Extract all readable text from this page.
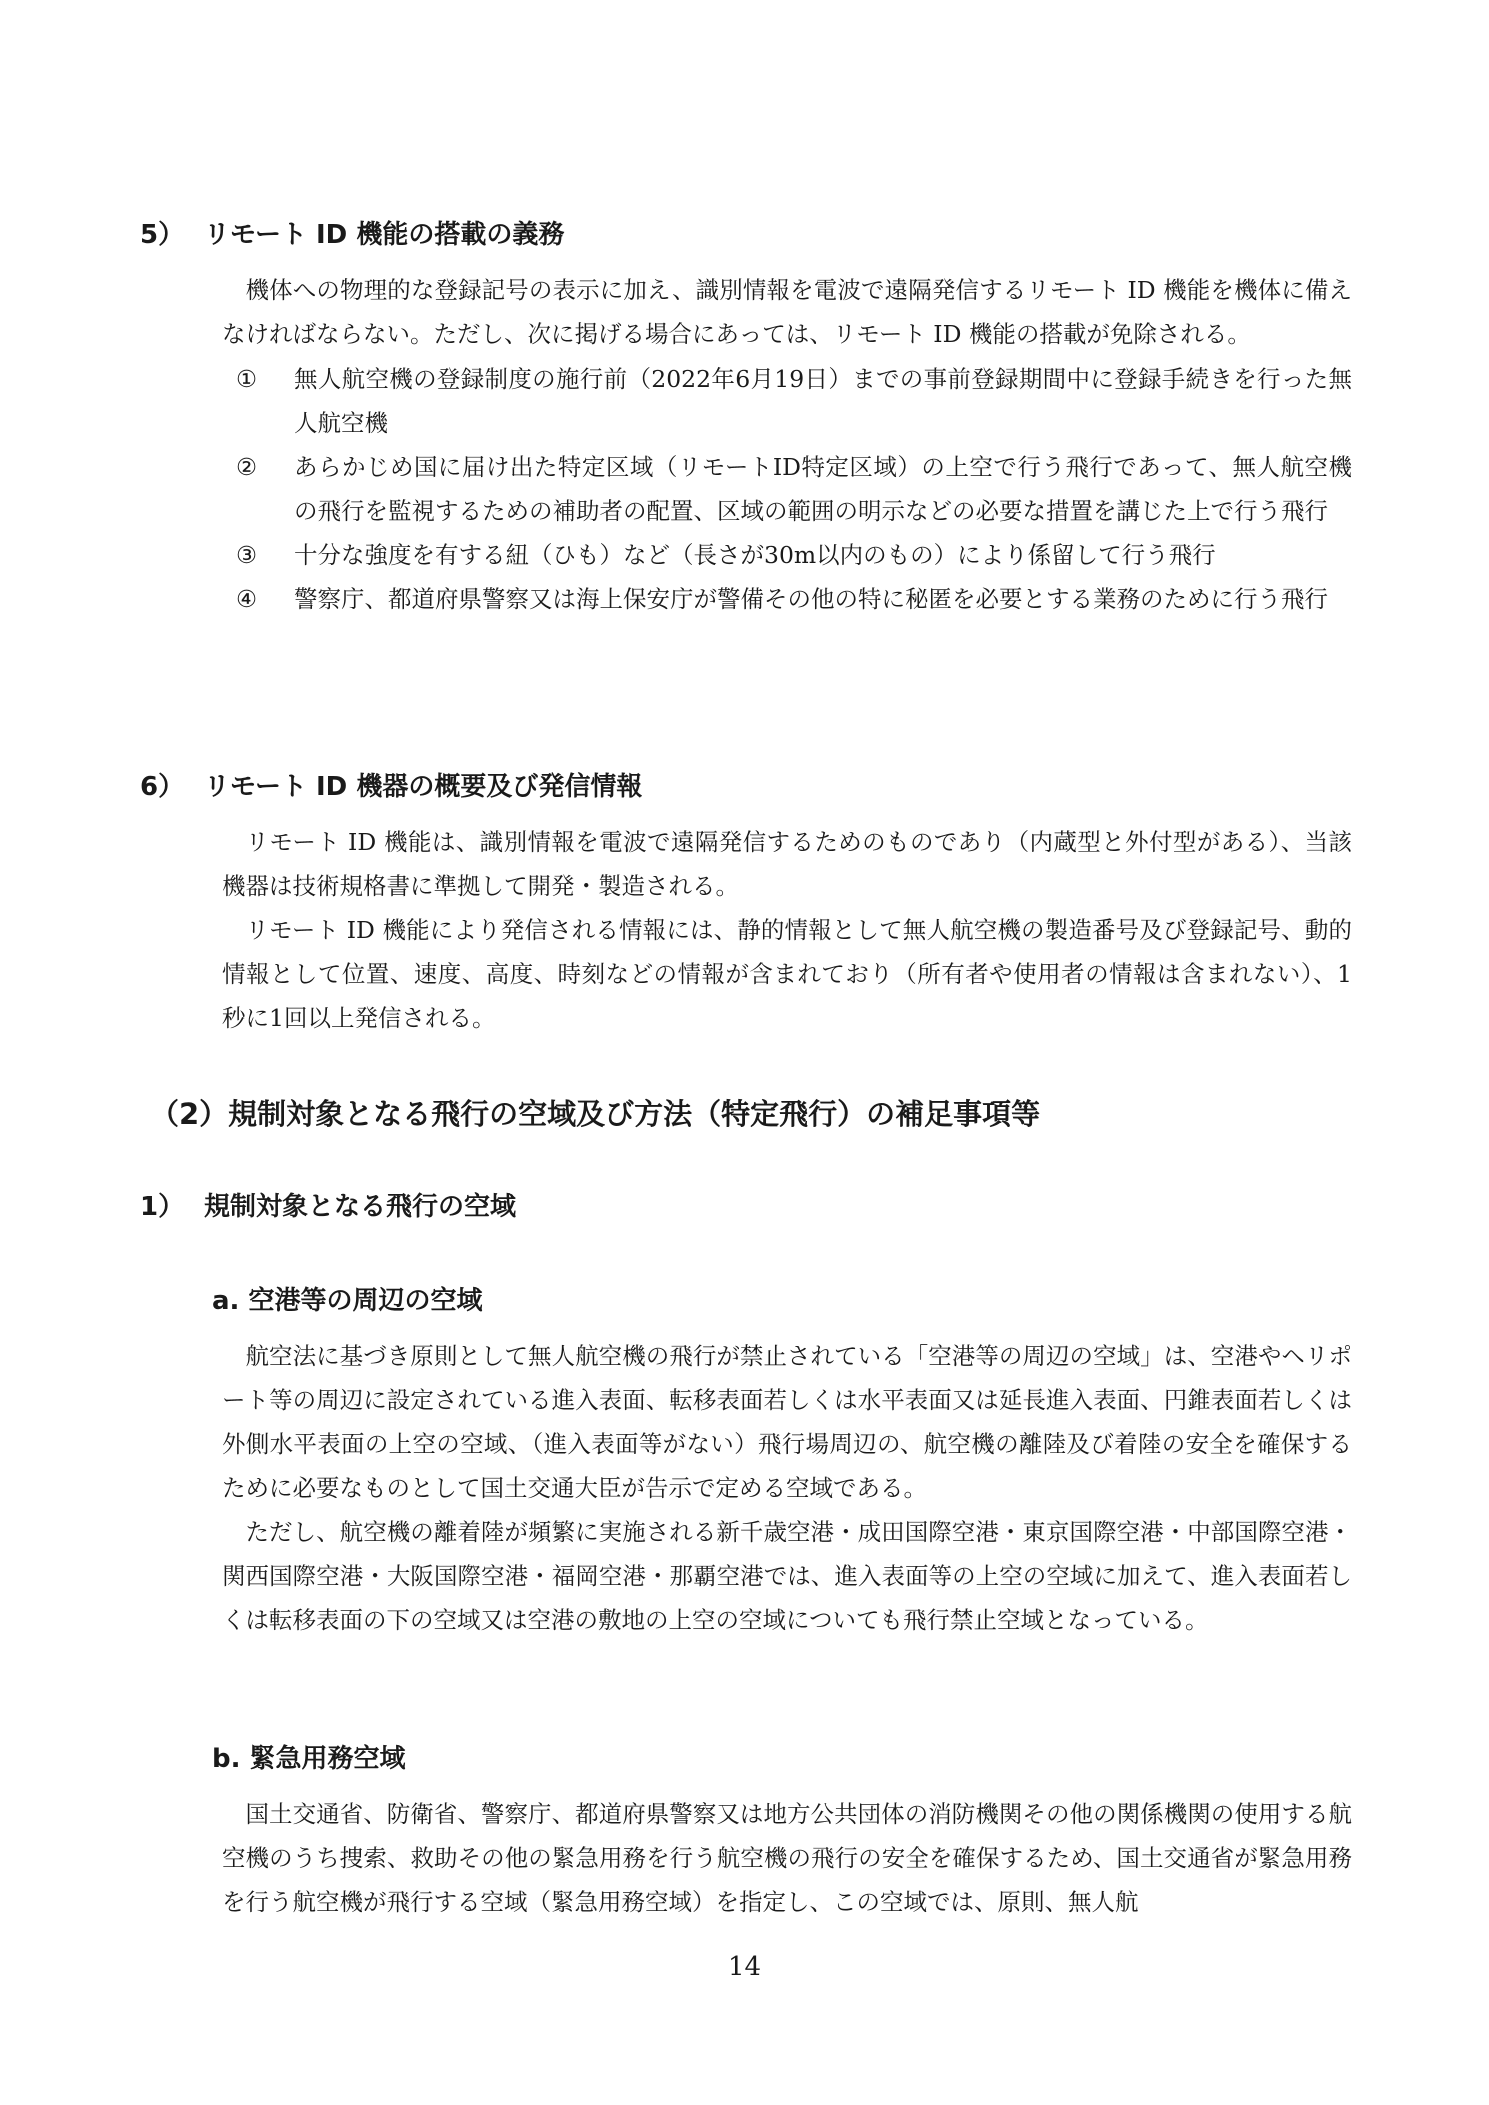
5） リモート ID 機能の搭載の義務

機体への物理的な登録記号の表示に加え、識別情報を電波で遠隔発信するリモート ID 機能を機体に備えなければならない。ただし、次に掲げる場合にあっては、リモート ID 機能の搭載が免除される。

① 無人航空機の登録制度の施行前（2022年6月19日）までの事前登録期間中に登録手続きを行った無人航空機
② あらかじめ国に届け出た特定区域（リモートID特定区域）の上空で行う飛行であって、無人航空機の飛行を監視するための補助者の配置、区域の範囲の明示などの必要な措置を講じた上で行う飛行
③ 十分な強度を有する紐（ひも）など（長さが30m以内のもの）により係留して行う飛行
④ 警察庁、都道府県警察又は海上保安庁が警備その他の特に秘匿を必要とする業務のために行う飛行
6） リモート ID 機器の概要及び発信情報

リモート ID 機能は、識別情報を電波で遠隔発信するためのものであり（内蔵型と外付型がある）、当該機器は技術規格書に準拠して開発・製造される。

リモート ID 機能により発信される情報には、静的情報として無人航空機の製造番号及び登録記号、動的情報として位置、速度、高度、時刻などの情報が含まれており（所有者や使用者の情報は含まれない）、1秒に1回以上発信される。

（2）規制対象となる飛行の空域及び方法（特定飛行）の補足事項等
1） 規制対象となる飛行の空域
a. 空港等の周辺の空域

航空法に基づき原則として無人航空機の飛行が禁止されている「空港等の周辺の空域」は、空港やヘリポート等の周辺に設定されている進入表面、転移表面若しくは水平表面又は延長進入表面、円錐表面若しくは外側水平表面の上空の空域、（進入表面等がない）飛行場周辺の、航空機の離陸及び着陸の安全を確保するために必要なものとして国土交通大臣が告示で定める空域である。

ただし、航空機の離着陸が頻繁に実施される新千歳空港・成田国際空港・東京国際空港・中部国際空港・関西国際空港・大阪国際空港・福岡空港・那覇空港では、進入表面等の上空の空域に加えて、進入表面若しくは転移表面の下の空域又は空港の敷地の上空の空域についても飛行禁止空域となっている。

b. 緊急用務空域

国土交通省、防衛省、警察庁、都道府県警察又は地方公共団体の消防機関その他の関係機関の使用する航空機のうち捜索、救助その他の緊急用務を行う航空機の飛行の安全を確保するため、国土交通省が緊急用務を行う航空機が飛行する空域（緊急用務空域）を指定し、この空域では、原則、無人航

14
